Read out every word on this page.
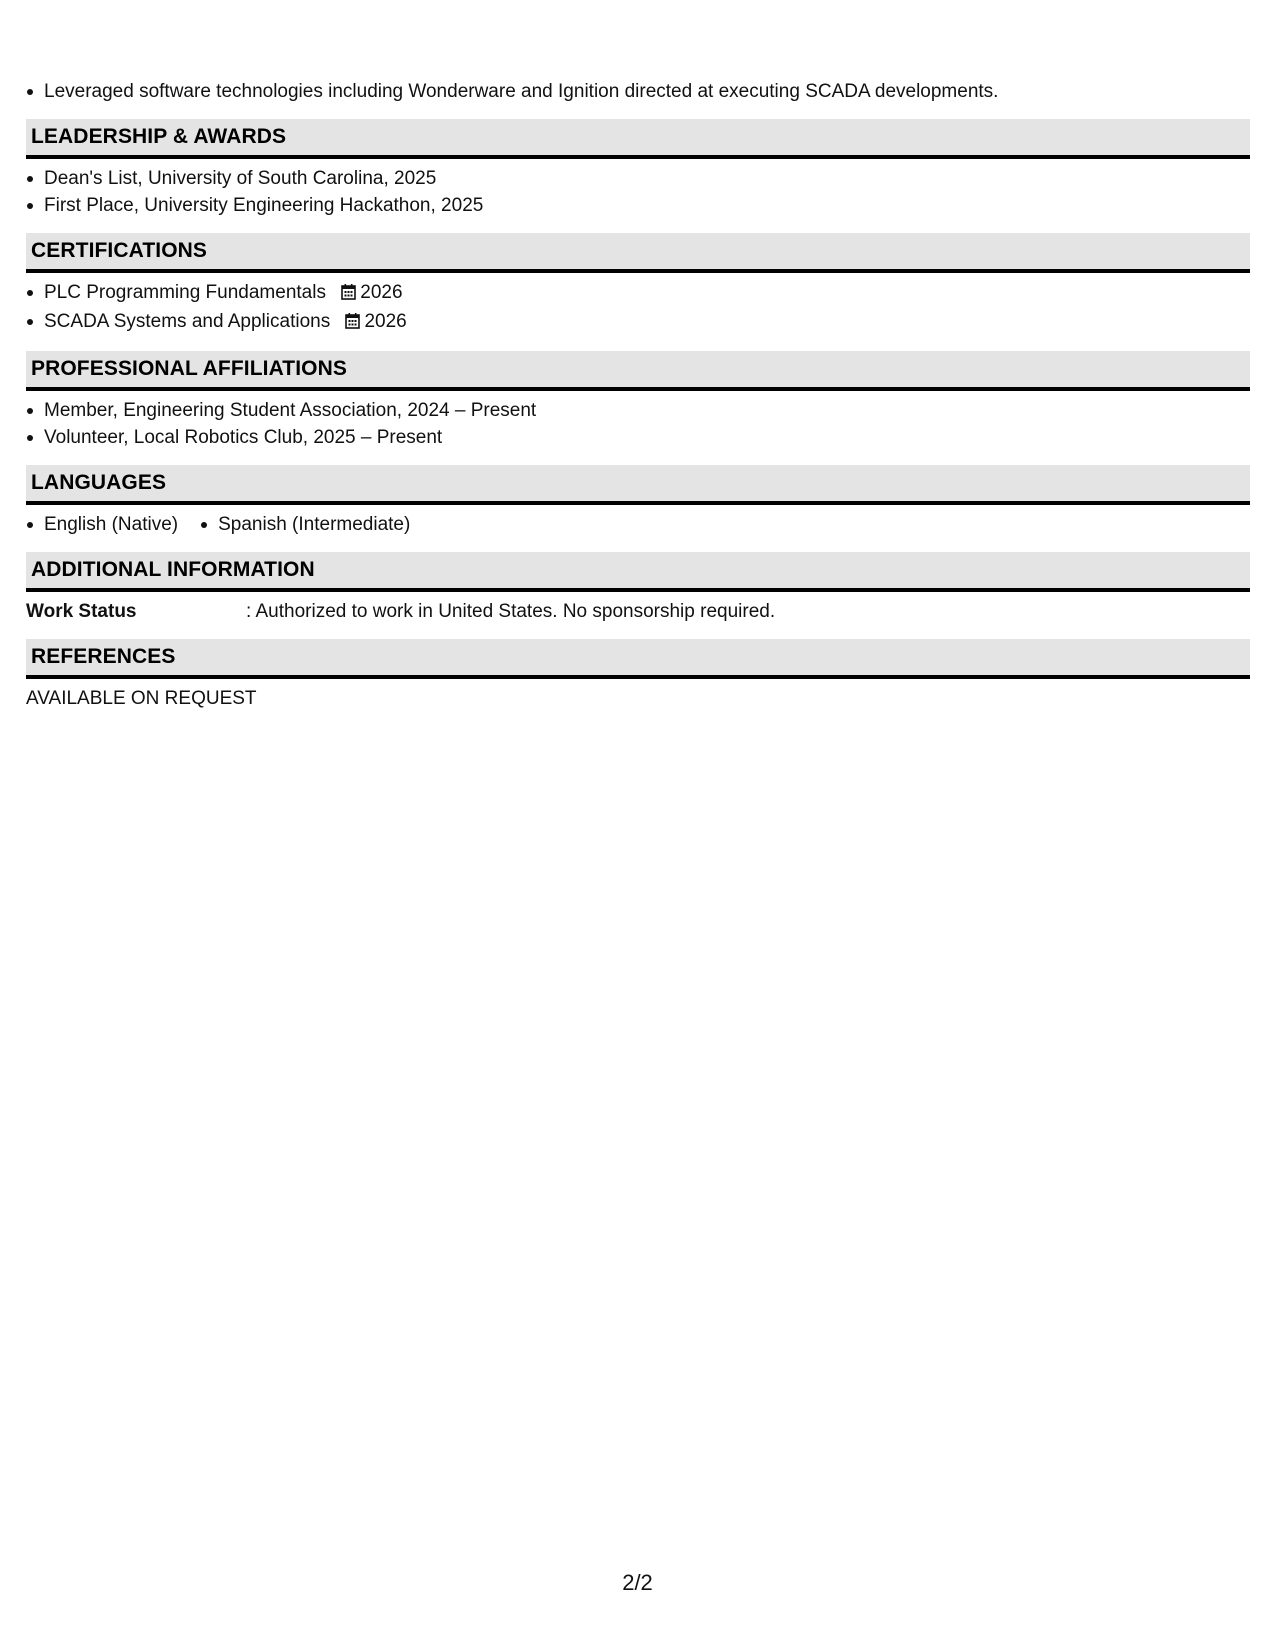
Leveraged software technologies including Wonderware and Ignition directed at executing SCADA developments.
LEADERSHIP & AWARDS
Dean's List, University of South Carolina, 2025
First Place, University Engineering Hackathon, 2025
CERTIFICATIONS
PLC Programming Fundamentals 2026
SCADA Systems and Applications 2026
PROFESSIONAL AFFILIATIONS
Member, Engineering Student Association, 2024 – Present
Volunteer, Local Robotics Club, 2025 – Present
LANGUAGES
English (Native)	Spanish (Intermediate)
ADDITIONAL INFORMATION
Work Status	: Authorized to work in United States. No sponsorship required.
REFERENCES
AVAILABLE ON REQUEST
2/2
